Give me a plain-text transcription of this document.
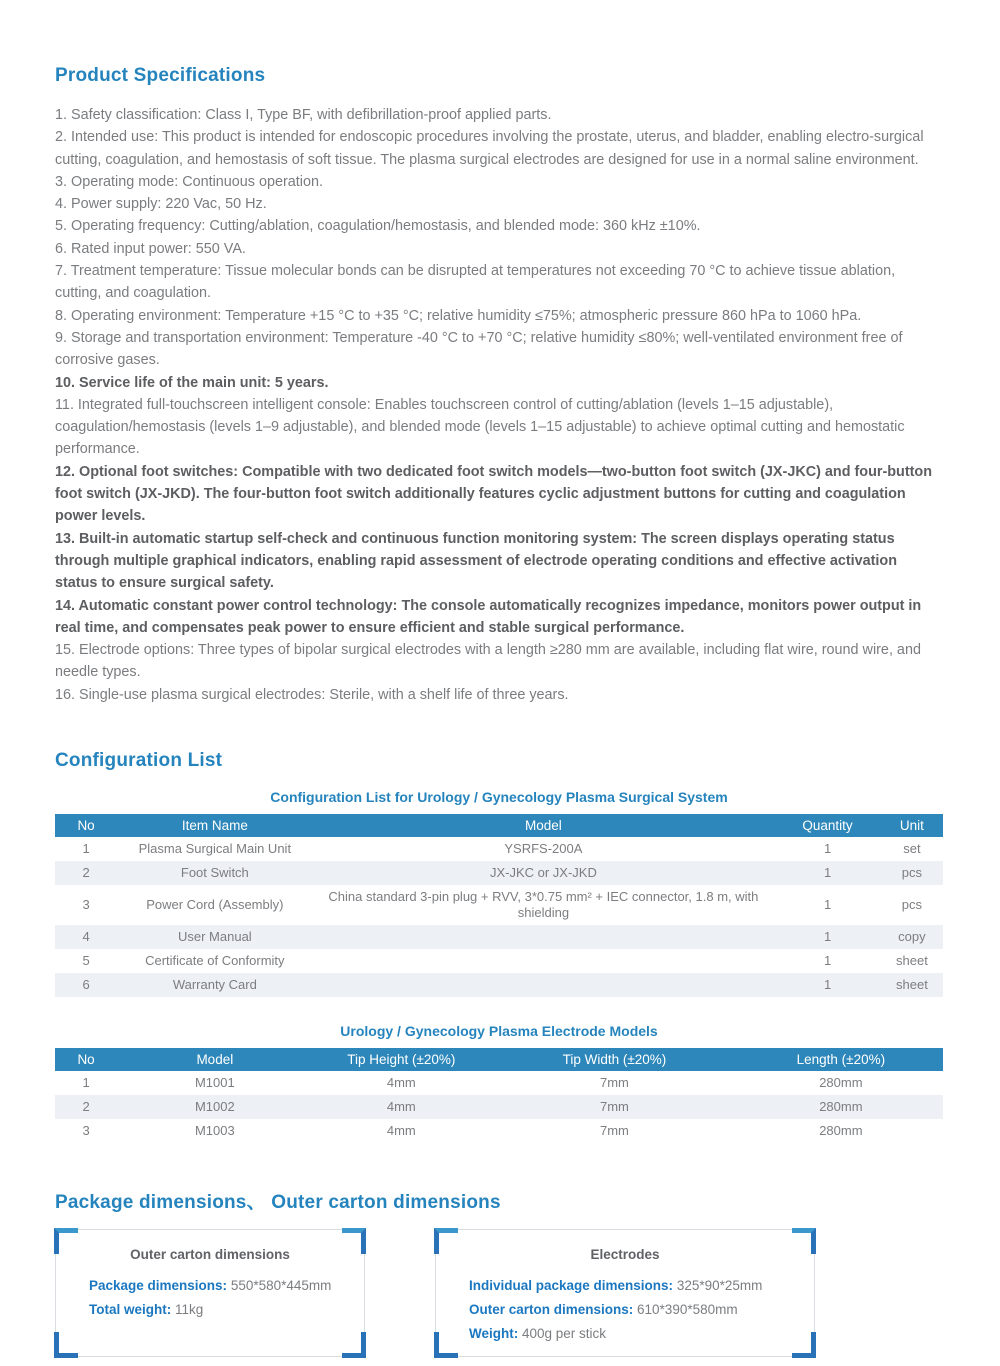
Product Specifications

1. Safety classification: Class I, Type BF, with defibrillation-proof applied parts.

2. Intended use: This product is intended for endoscopic procedures involving the prostate, uterus, and bladder, enabling electro-surgical cutting, coagulation, and hemostasis of soft tissue. The plasma surgical electrodes are designed for use in a normal saline environment.

3. Operating mode: Continuous operation.

4. Power supply: 220 Vac, 50 Hz.

5. Operating frequency: Cutting/ablation, coagulation/hemostasis, and blended mode: 360 kHz ±10%.

6. Rated input power: 550 VA.

7. Treatment temperature: Tissue molecular bonds can be disrupted at temperatures not exceeding 70 °C to achieve tissue ablation, cutting, and coagulation.

8. Operating environment: Temperature +15 °C to +35 °C; relative humidity ≤75%; atmospheric pressure 860 hPa to 1060 hPa.

9. Storage and transportation environment: Temperature -40 °C to +70 °C; relative humidity ≤80%; well-ventilated environment free of corrosive gases.

10. Service life of the main unit: 5 years.

11. Integrated full-touchscreen intelligent console: Enables touchscreen control of cutting/ablation (levels 1–15 adjustable), coagulation/hemostasis (levels 1–9 adjustable), and blended mode (levels 1–15 adjustable) to achieve optimal cutting and hemostatic performance.

12. Optional foot switches: Compatible with two dedicated foot switch models—two-button foot switch (JX-JKC) and four-button foot switch (JX-JKD). The four-button foot switch additionally features cyclic adjustment buttons for cutting and coagulation power levels.

13. Built-in automatic startup self-check and continuous function monitoring system: The screen displays operating status through multiple graphical indicators, enabling rapid assessment of electrode operating conditions and effective activation status to ensure surgical safety.

14. Automatic constant power control technology: The console automatically recognizes impedance, monitors power output in real time, and compensates peak power to ensure efficient and stable surgical performance.

15. Electrode options: Three types of bipolar surgical electrodes with a length ≥280 mm are available, including flat wire, round wire, and needle types.

16. Single-use plasma surgical electrodes: Sterile, with a shelf life of three years.

Configuration List
Configuration List for Urology / Gynecology Plasma Surgical System
No	Item Name	Model	Quantity	Unit
1	Plasma Surgical Main Unit	YSRFS-200A	1	set
2	Foot Switch	JX-JKC or JX-JKD	1	pcs
3	Power Cord (Assembly)	China standard 3-pin plug + RVV, 3*0.75 mm² + IEC connector, 1.8 m, with shielding	1	pcs
4	User Manual		1	copy
5	Certificate of Conformity		1	sheet
6	Warranty Card		1	sheet
Urology / Gynecology Plasma Electrode Models
No	Model	Tip Height (±20%)	Tip Width (±20%)	Length (±20%)
1	M1001	4mm	7mm	280mm
2	M1002	4mm	7mm	280mm
3	M1003	4mm	7mm	280mm
Package dimensions、 Outer carton dimensions
Outer carton dimensions
Package dimensions: 550*580*445mm
Total weight: 11kg
Electrodes
Individual package dimensions: 325*90*25mm
Outer carton dimensions: 610*390*580mm
Weight: 400g per stick
